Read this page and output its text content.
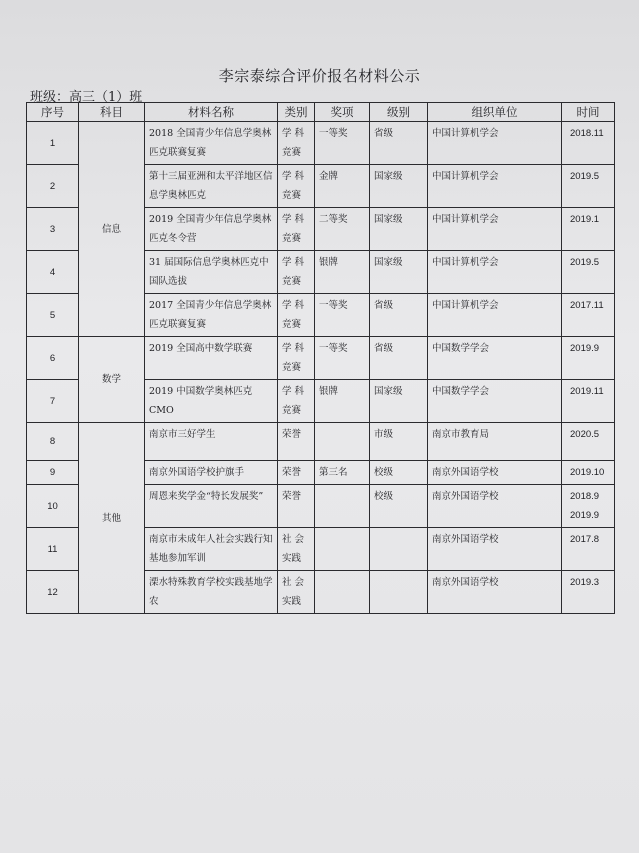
李宗泰综合评价报名材料公示
班级：高三（1）班
序号	科目	材料名称	类别	奖项	级别	组织单位	时间
1	信息	2018 全国青少年信息学奥林匹克联赛复赛	学 科 竞赛	一等奖	省级	中国计算机学会	2018.11

2		第十三届亚洲和太平洋地区信息学奥林匹克	学 科 竞赛	金牌	国家级	中国计算机学会	2019.5

3		2019 全国青少年信息学奥林匹克冬令营	学 科 竞赛	二等奖	国家级	中国计算机学会	2019.1

4		31 届国际信息学奥林匹克中国队选拔	学 科 竞赛	银牌	国家级	中国计算机学会	2019.5

5		2017 全国青少年信息学奥林匹克联赛复赛	学 科 竞赛	一等奖	省级	中国计算机学会	2017.11

6	数学	2019 全国高中数学联赛	学 科 竞赛	一等奖	省级	中国数学学会	2019.9

7		2019 中国数学奥林匹克 CMO	学 科 竞赛	银牌	国家级	中国数学学会	2019.11

8	其他	南京市三好学生	荣誉		市级	南京市教育局	2020.5

9		南京外国语学校护旗手	荣誉	第三名	校级	南京外国语学校	2019.10

10		周恩来奖学金“特长发展奖”	荣誉		校级	南京外国语学校	2018.9
2019.9

11		南京市未成年人社会实践行知基地参加军训	社 会 实践			南京外国语学校	2017.8

12		溧水特殊教育学校实践基地学农	社 会 实践			南京外国语学校	2019.3
